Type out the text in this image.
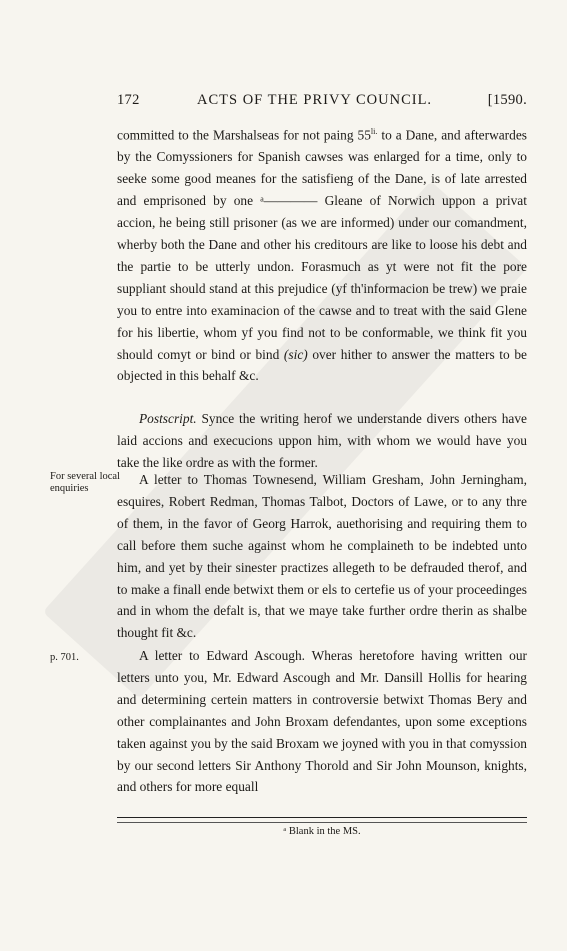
172	ACTS OF THE PRIVY COUNCIL.	[1590.

committed to the Marshalseas for not paing $55^{li.}$ to a Dane, and afterwardes by the Comyssioners for Spanish cawses was enlarged for a time, only to seeke some good meanes for the satisfieng of the Dane, is of late arrested and emprisoned by one ᵃ———— Gleane of Norwich uppon a privat accion, he being still prisoner (as we are informed) under our comandment, wherby both the Dane and other his creditours are like to loose his debt and the partie to be utterly undon. Forasmuch as yt were not fit the pore suppliant should stand at this prejudice (yf th'informacion be trew) we praie you to entre into examinacion of the cawse and to treat with the said Glene for his libertie, whom yf you find not to be conformable, we think fit you should comyt or bind or bind (sic) over hither to answer the matters to be objected in this behalf &c.

Postscript. Synce the writing herof we understande divers others have laid accions and execucions uppon him, with whom we would have you take the like ordre as with the former.

For several local enquiries

A letter to Thomas Townesend, William Gresham, John Jerningham, esquires, Robert Redman, Thomas Talbot, Doctors of Lawe, or to any thre of them, in the favor of Georg Harrok, auethorising and requiring them to call before them suche against whom he complaineth to be indebted unto him, and yet by their sinester practizes allegeth to be defrauded therof, and to make a finall ende betwixt them or els to certefie us of your proceedinges and in whom the defalt is, that we maye take further ordre therin as shalbe thought fit &c.

p. 701.	A letter to Edward Ascough. Wheras heretofore having written our letters unto you, Mr. Edward Ascough and Mr. Dansill Hollis for hearing and determining certein matters in controversie betwixt Thomas Bery and other complainantes and John Broxam defendantes, upon some exceptions taken against you by the said Broxam we joyned with you in that comyssion by our second letters Sir Anthony Thorold and Sir John Mounson, knights, and others for more equall

ᵃ Blank in the MS.
